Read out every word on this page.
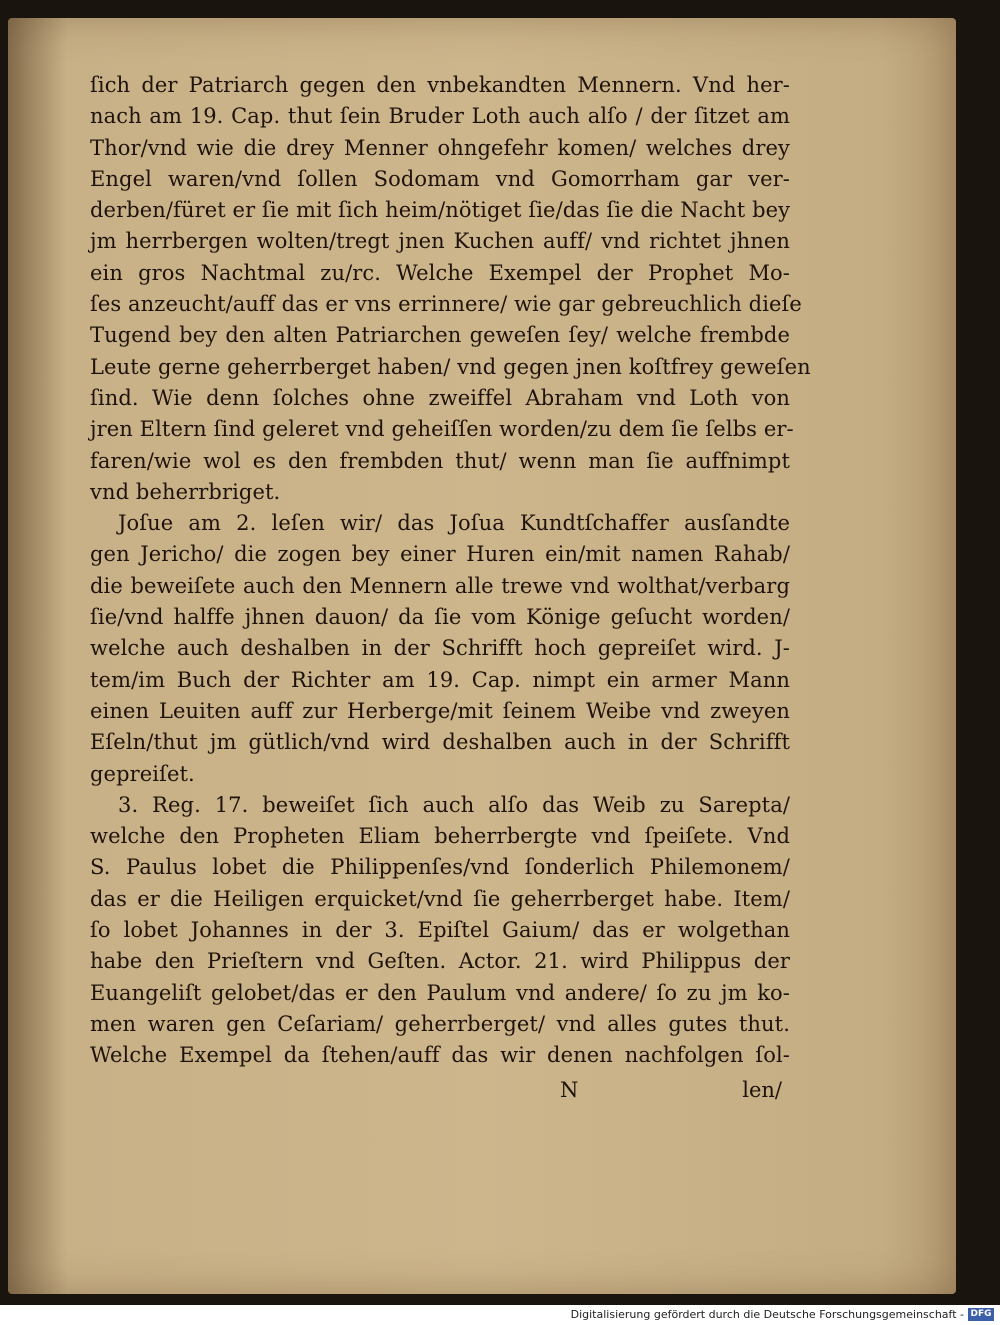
ſich der Patriarch gegen den vnbekandten Mennern. Vnd her-
nach am 19. Cap. thut ſein Bruder Loth auch alſo / der ſitzet am
Thor/vnd wie die drey Menner ohngefehr komen/ welches drey
Engel waren/vnd ſollen Sodomam vnd Gomorrham gar ver-
derben/füret er ſie mit ſich heim/nötiget ſie/das ſie die Nacht bey
jm herrbergen wolten/tregt jnen Kuchen auff/ vnd richtet jhnen
ein gros Nachtmal zu/rc. Welche Exempel der Prophet Mo-
ſes anzeucht/auff das er vns errinnere/ wie gar gebreuchlich dieſe
Tugend bey den alten Patriarchen geweſen ſey/ welche frembde
Leute gerne geherrberget haben/ vnd gegen jnen koſtfrey geweſen
ſind. Wie denn ſolches ohne zweiffel Abraham vnd Loth von
jren Eltern ſind geleret vnd geheiſſen worden/zu dem ſie ſelbs er-
faren/wie wol es den frembden thut/ wenn man ſie auffnimpt
vnd beherrbriget.
Joſue am 2. leſen wir/ das Joſua Kundtſchaffer ausſandte
gen Jericho/ die zogen bey einer Huren ein/mit namen Rahab/
die beweiſete auch den Mennern alle trewe vnd wolthat/verbarg
ſie/vnd halffe jhnen dauon/ da ſie vom Könige geſucht worden/
welche auch deshalben in der Schrifft hoch gepreiſet wird. J-
tem/im Buch der Richter am 19. Cap. nimpt ein armer Mann
einen Leuiten auff zur Herberge/mit ſeinem Weibe vnd zweyen
Eſeln/thut jm gütlich/vnd wird deshalben auch in der Schrifft
gepreiſet.
3. Reg. 17. beweiſet ſich auch alſo das Weib zu Sarepta/
welche den Propheten Eliam beherrbergte vnd ſpeiſete. Vnd
S. Paulus lobet die Philippenſes/vnd ſonderlich Philemonem/
das er die Heiligen erquicket/vnd ſie geherrberget habe. Item/
ſo lobet Johannes in der 3. Epiſtel Gaium/ das er wolgethan
habe den Prieſtern vnd Geſten. Actor. 21. wird Philippus der
Euangeliſt gelobet/das er den Paulum vnd andere/ ſo zu jm ko-
men waren gen Ceſariam/ geherrberget/ vnd alles gutes thut.
Welche Exempel da ſtehen/auff das wir denen nachfolgen ſol-
N	len/
Digitalisierung gefördert durch die Deutsche Forschungsgemeinschaft - DFG
